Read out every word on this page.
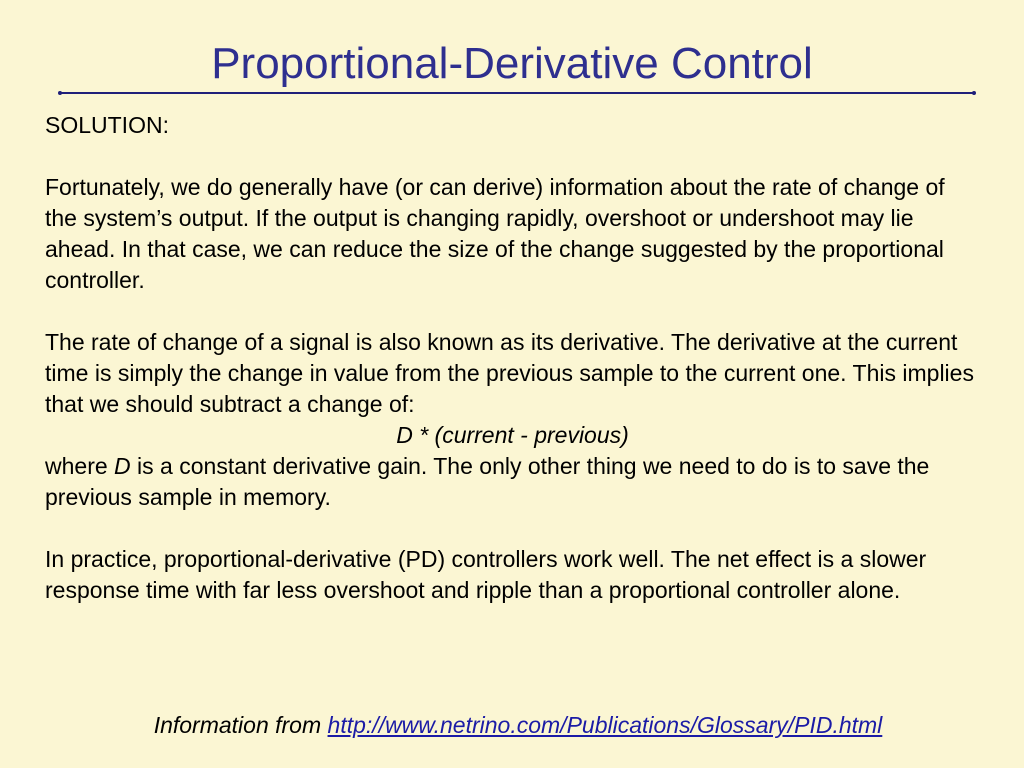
Proportional-Derivative Control

SOLUTION:

Fortunately, we do generally have (or can derive) information about the rate of change of the system’s output. If the output is changing rapidly, overshoot or undershoot may lie ahead. In that case, we can reduce the size of the change suggested by the proportional controller.

The rate of change of a signal is also known as its derivative. The derivative at the current time is simply the change in value from the previous sample to the current one. This implies that we should subtract a change of:

D * (current - previous)

where D is a constant derivative gain. The only other thing we need to do is to save the previous sample in memory.

In practice, proportional-derivative (PD) controllers work well. The net effect is a slower response time with far less overshoot and ripple than a proportional controller alone.

Information from http://www.netrino.com/Publications/Glossary/PID.html
